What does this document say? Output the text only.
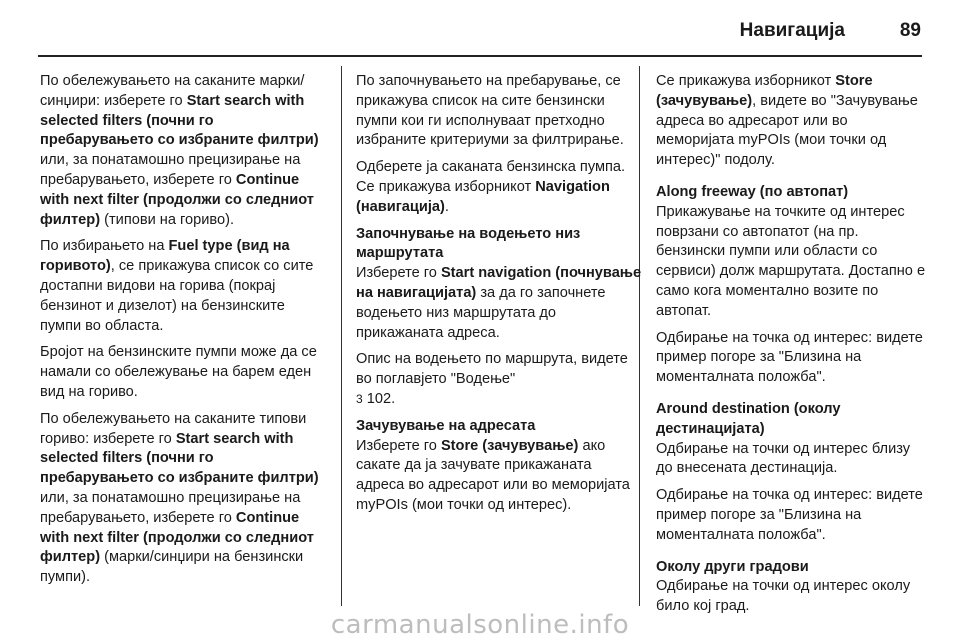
Навигација	89

По обележувањето на саканите марки/синџири: изберете го Start search with selected filters (почни го пребарувањето со избраните филтри) или, за понатамошно прецизирање на пребарувањето, изберете го Continue with next filter (продолжи со следниот филтер) (типови на гориво).

По избирањето на Fuel type (вид на горивото), се прикажува список со сите достапни видови на горива (покрај бензинот и дизелот) на бензинските пумпи во областа.

Бројот на бензинските пумпи може да се намали со обележување на барем еден вид на гориво.

По обележувањето на саканите типови гориво: изберете го Start search with selected filters (почни го пребарувањето со избраните филтри) или, за понатамошно прецизирање на пребарувањето, изберете го Continue with next filter (продолжи со следниот филтер) (марки/синџири на бензински пумпи).

По започнувањето на пребарување, се прикажува список на сите бензински пумпи кои ги исполнуваат претходно избраните критериуми за филтрирање.

Одберете ја саканата бензинска пумпа.

Се прикажува изборникот Navigation (навигација).

Започнување на водењето низ маршрутата

Изберете го Start navigation (почнување на навигацијата) за да го започнете водењето низ маршрутата до прикажаната адреса.

Опис на водењето по маршрута, видете во поглавјето "Водење"
3 102.

Зачувување на адресата

Изберете го Store (зачувување) ако сакате да ја зачувате прикажаната адреса во адресарот или во меморијата myPOIs (мои точки од интерес).

Се прикажува изборникот Store (зачувување), видете во "Зачувување адреса во адресарот или во меморијата myPOIs (мои точки од интерес)" подолу.

Along freeway (по автопат)

Прикажување на точките од интерес поврзани со автопатот (на пр. бензински пумпи или области со сервиси) долж маршрутата. Достапно е само кога моментално возите по автопат.

Одбирање на точка од интерес: видете пример погоре за "Близина на моменталната положба".

Around destination (околу дестинацијата)

Одбирање на точки од интерес близу до внесената дестинација.

Одбирање на точка од интерес: видете пример погоре за "Близина на моменталната положба".

Околу други градови

Одбирање на точки од интерес околу било кој град.

carmanualsonline.info
